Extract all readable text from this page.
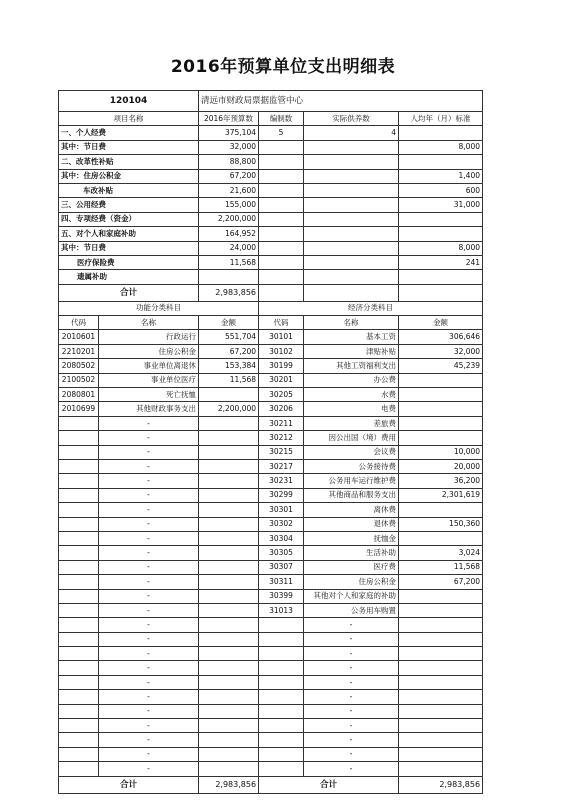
2016年预算单位支出明细表
120104	清远市财政局票据监管中心			
项目名称	2016年预算数	编制数	实际供养数	人均年（月）标准
一、个人经费	375,104	5	4	
其中：节日费	32,000			8,000
二、改革性补贴	88,800			
其中：住房公积金	67,200			1,400
车改补贴	21,600			600
三、公用经费	155,000			31,000
四、专项经费（资金）	2,200,000			
五、对个人和家庭补助	164,952			
其中：节日费	24,000			8,000
医疗保险费	11,568			241
遗属补助				
合计	2,983,856			
功能分类科目			经济分类科目		
代码	名称	金额	代码	名称	金额
2010601	行政运行	551,704	30101	基本工资	306,646
2210201	住房公积金	67,200	30102	津贴补贴	32,000
2080502	事业单位离退休	153,384	30199	其他工资福利支出	45,239
2100502	事业单位医疗	11,568	30201	办公费	
2080801	死亡抚恤		30205	水费	
2010699	其他财政事务支出	2,200,000	30206	电费	
	-		30211	差旅费	
	-		30212	因公出国（境）费用	
	-		30215	会议费	10,000
	-		30217	公务接待费	20,000
	-		30231	公务用车运行维护费	36,200
	-		30299	其他商品和服务支出	2,301,619
	-		30301	离休费	
	-		30302	退休费	150,360
	-		30304	抚恤金	
	-		30305	生活补助	3,024
	-		30307	医疗费	11,568
	-		30311	住房公积金	67,200
	-		30399	其他对个人和家庭的补助	
	-		31013	公务用车购置	
	-			-	
	-			-	
	-			-	
	-			-	
	-			-	
	-			-	
	-			-	
	-			-	
	-			-	
	-			-	
	-			-	
合计		2,983,856	合计		2,983,856
